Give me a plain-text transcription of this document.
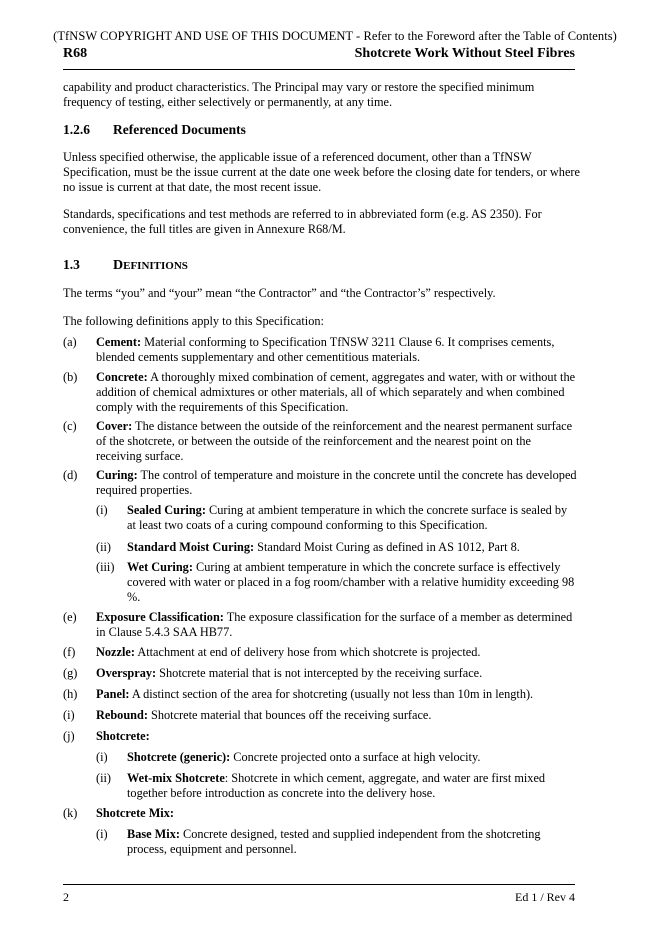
(TfNSW COPYRIGHT AND USE OF THIS DOCUMENT - Refer to the Foreword after the Table of Contents)
R68	Shotcrete Work Without Steel Fibres

capability and product characteristics. The Principal may vary or restore the specified minimum frequency of testing, either selectively or permanently, at any time.

1.2.6 Referenced Documents

Unless specified otherwise, the applicable issue of a referenced document, other than a TfNSW Specification, must be the issue current at the date one week before the closing date for tenders, or where no issue is current at that date, the most recent issue.

Standards, specifications and test methods are referred to in abbreviated form (e.g. AS 2350). For convenience, the full titles are given in Annexure R68/M.

1.3 DEFINITIONS

The terms “you” and “your” mean “the Contractor” and “the Contractor’s” respectively.

The following definitions apply to this Specification:

(a) Cement: Material conforming to Specification TfNSW 3211 Clause 6. It comprises cements, blended cements supplementary and other cementitious materials.
(b) Concrete: A thoroughly mixed combination of cement, aggregates and water, with or without the addition of chemical admixtures or other materials, all of which separately and when combined comply with the requirements of this Specification.
(c) Cover: The distance between the outside of the reinforcement and the nearest permanent surface of the shotcrete, or between the outside of the reinforcement and the nearest point on the receiving surface.
(d) Curing: The control of temperature and moisture in the concrete until the concrete has developed required properties.
(i) Sealed Curing: Curing at ambient temperature in which the concrete surface is sealed by at least two coats of a curing compound conforming to this Specification.
(ii) Standard Moist Curing: Standard Moist Curing as defined in AS 1012, Part 8.
(iii) Wet Curing: Curing at ambient temperature in which the concrete surface is effectively covered with water or placed in a fog room/chamber with a relative humidity exceeding 98 %.
(e) Exposure Classification: The exposure classification for the surface of a member as determined in Clause 5.4.3 SAA HB77.
(f) Nozzle: Attachment at end of delivery hose from which shotcrete is projected.
(g) Overspray: Shotcrete material that is not intercepted by the receiving surface.
(h) Panel: A distinct section of the area for shotcreting (usually not less than 10m in length).
(i) Rebound: Shotcrete material that bounces off the receiving surface.
(j) Shotcrete:
(i) Shotcrete (generic): Concrete projected onto a surface at high velocity.
(ii) Wet-mix Shotcrete: Shotcrete in which cement, aggregate, and water are first mixed together before introduction as concrete into the delivery hose.
(k) Shotcrete Mix:
(i) Base Mix: Concrete designed, tested and supplied independent from the shotcreting process, equipment and personnel.
2	Ed 1 / Rev 4
